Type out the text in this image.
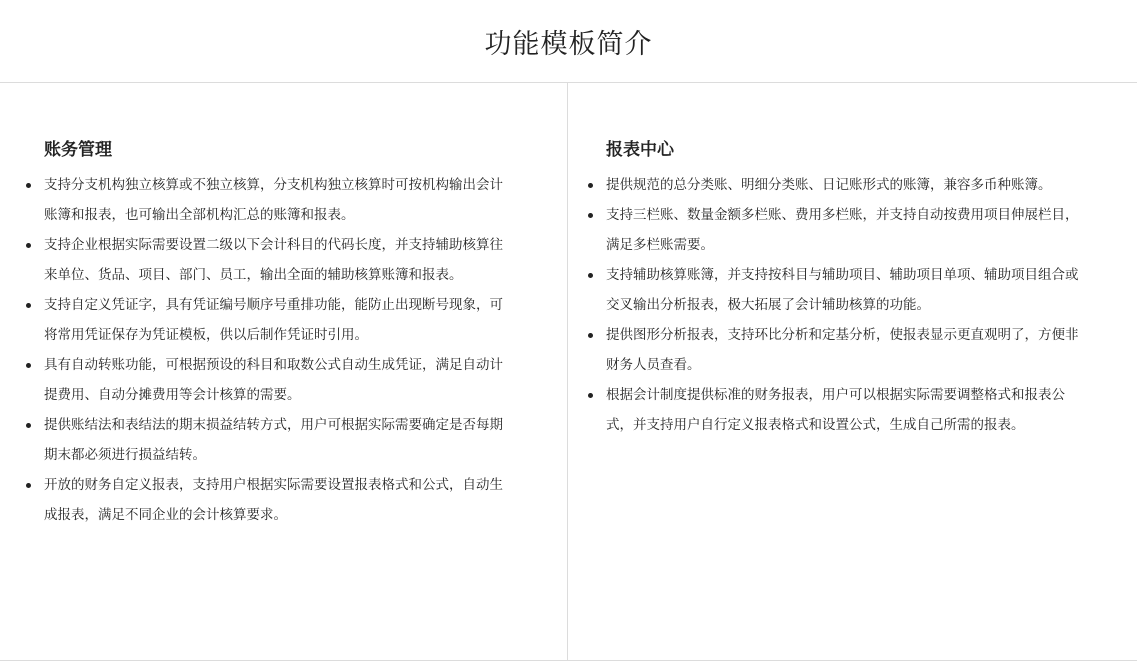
功能模板简介
账务管理
支持分支机构独立核算或不独立核算，分支机构独立核算时可按机构输出会计账簿和报表，也可输出全部机构汇总的账簿和报表。
支持企业根据实际需要设置二级以下会计科目的代码长度，并支持辅助核算往来单位、货品、项目、部门、员工，输出全面的辅助核算账簿和报表。
支持自定义凭证字，具有凭证编号顺序号重排功能，能防止出现断号现象，可将常用凭证保存为凭证模板，供以后制作凭证时引用。
具有自动转账功能，可根据预设的科目和取数公式自动生成凭证，满足自动计提费用、自动分摊费用等会计核算的需要。
提供账结法和表结法的期末损益结转方式，用户可根据实际需要确定是否每期期末都必须进行损益结转。
开放的财务自定义报表，支持用户根据实际需要设置报表格式和公式，自动生成报表，满足不同企业的会计核算要求。
报表中心
提供规范的总分类账、明细分类账、日记账形式的账簿，兼容多币种账簿。
支持三栏账、数量金额多栏账、费用多栏账，并支持自动按费用项目伸展栏目，满足多栏账需要。
支持辅助核算账簿，并支持按科目与辅助项目、辅助项目单项、辅助项目组合或交叉输出分析报表，极大拓展了会计辅助核算的功能。
提供图形分析报表，支持环比分析和定基分析，使报表显示更直观明了，方便非财务人员查看。
根据会计制度提供标准的财务报表，用户可以根据实际需要调整格式和报表公式，并支持用户自行定义报表格式和设置公式，生成自己所需的报表。
